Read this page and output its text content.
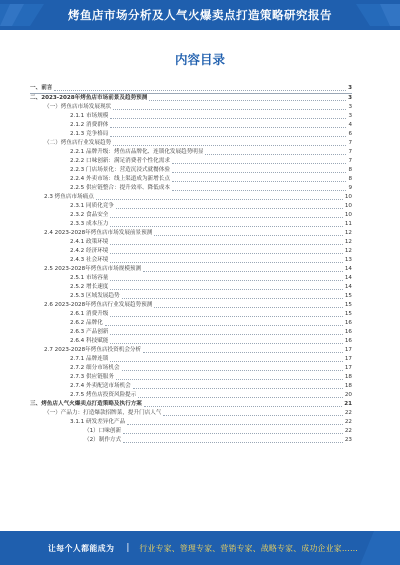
烤鱼店市场分析及人气火爆卖点打造策略研究报告
内容目录
一、前言	3
二、2023-2028年烤鱼店市场前景及趋势预测	3
（一）烤鱼店市场发展现状	3
2.1.1 市场规模	3
2.1.2 消费群体	4
2.1.3 竞争格局	6
（二）烤鱼店行业发展趋势	7
2.2.1 品牌升级：烤鱼店品牌化、连锁化发展趋势明显	7
2.2.2 口味创新：满足消费者个性化需求	7
2.2.3 门店场景化：营造沉浸式就餐体验	8
2.2.4 外卖市场：线上渠道成为新增长点	8
2.2.5 供应链整合：提升效率、降低成本	9
2.3 烤鱼店市场痛点	10
2.3.1 同质化竞争	10
2.3.2 食品安全	10
2.3.3 成本压力	11
2.4 2023-2028年烤鱼店市场发展前景预测	12
2.4.1 政策环境	12
2.4.2 经济环境	12
2.4.3 社会环境	13
2.5 2023-2028年烤鱼店市场规模预测	14
2.5.1 市场容量	14
2.5.2 增长速度	14
2.5.3 区域发展趋势	15
2.6 2023-2028年烤鱼店行业发展趋势预测	15
2.6.1 消费升级	15
2.6.2 品牌化	16
2.6.3 产品创新	16
2.6.4 科技赋能	16
2.7 2023-2028年烤鱼店投资机会分析	17
2.7.1 品牌连锁	17
2.7.2 细分市场机会	17
2.7.3 供应链服务	18
2.7.4 外卖配送市场机会	18
2.7.5 烤鱼店投资风险提示	20
三、烤鱼店人气火爆卖点打造策略及执行方案	21
（一）产品力：打造爆款招牌菜，提升门店人气	22
3.1.1 研发差异化产品	22
（1）口味创新	22
（2）制作方式	23
让每个人都能成为 | 行业专家、管理专家、营销专家、战略专家、成功企业家……
